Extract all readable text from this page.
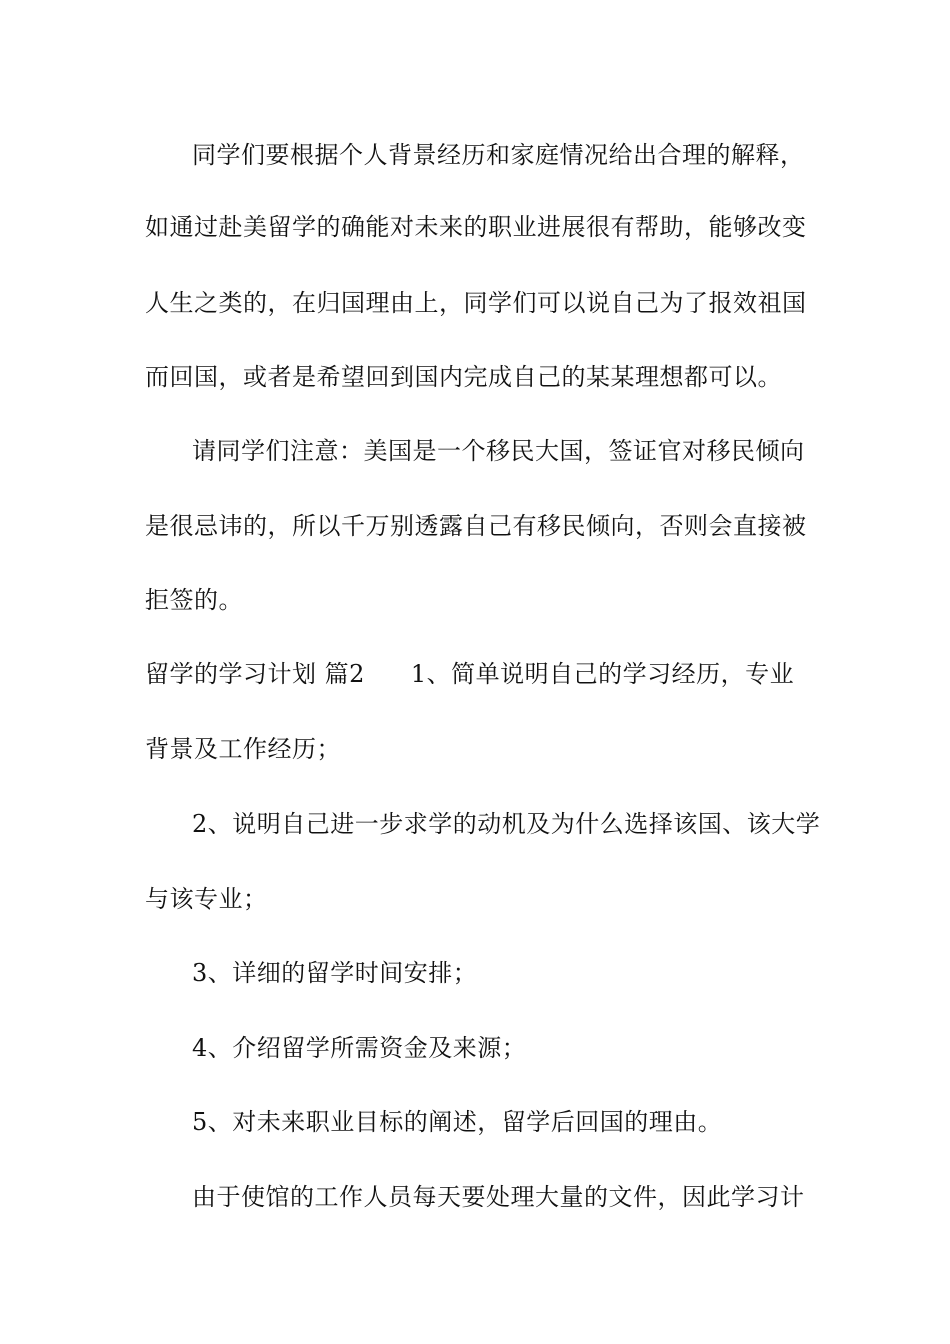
同学们要根据个人背景经历和家庭情况给出合理的解释，
如通过赴美留学的确能对未来的职业进展很有帮助，能够改变
人生之类的，在归国理由上，同学们可以说自己为了报效祖国
而回国，或者是希望回到国内完成自己的某某理想都可以。
请同学们注意：美国是一个移民大国，签证官对移民倾向
是很忌讳的，所以千万别透露自己有移民倾向，否则会直接被
拒签的。
留学的学习计划 篇2 1、简单说明自己的学习经历，专业
背景及工作经历；
2、说明自己进一步求学的动机及为什么选择该国、该大学
与该专业；
3、详细的留学时间安排；
4、介绍留学所需资金及来源；
5、对未来职业目标的阐述，留学后回国的理由。
由于使馆的工作人员每天要处理大量的文件，因此学习计
